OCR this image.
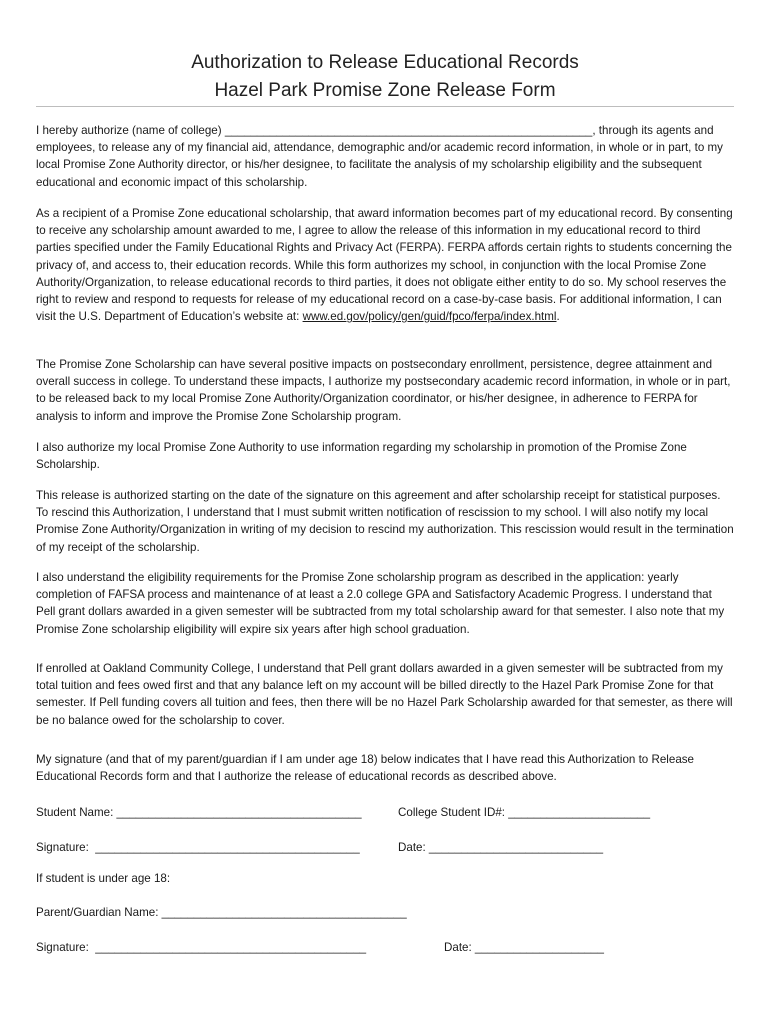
Authorization to Release Educational Records
Hazel Park Promise Zone Release Form

I hereby authorize (name of college) _________________________________________________________, through its agents and employees, to release any of my financial aid, attendance, demographic and/or academic record information, in whole or in part, to my local Promise Zone Authority director, or his/her designee, to facilitate the analysis of my scholarship eligibility and the subsequent educational and economic impact of this scholarship.

As a recipient of a Promise Zone educational scholarship, that award information becomes part of my educational record. By consenting to receive any scholarship amount awarded to me, I agree to allow the release of this information in my educational record to third parties specified under the Family Educational Rights and Privacy Act (FERPA). FERPA affords certain rights to students concerning the privacy of, and access to, their education records. While this form authorizes my school, in conjunction with the local Promise Zone Authority/Organization, to release educational records to third parties, it does not obligate either entity to do so. My school reserves the right to review and respond to requests for release of my educational record on a case-by-case basis. For additional information, I can visit the U.S. Department of Education’s website at: www.ed.gov/policy/gen/guid/fpco/ferpa/index.html.

The Promise Zone Scholarship can have several positive impacts on postsecondary enrollment, persistence, degree attainment and overall success in college. To understand these impacts, I authorize my postsecondary academic record information, in whole or in part, to be released back to my local Promise Zone Authority/Organization coordinator, or his/her designee, in adherence to FERPA for analysis to inform and improve the Promise Zone Scholarship program.

I also authorize my local Promise Zone Authority to use information regarding my scholarship in promotion of the Promise Zone Scholarship.

This release is authorized starting on the date of the signature on this agreement and after scholarship receipt for statistical purposes. To rescind this Authorization, I understand that I must submit written notification of rescission to my school. I will also notify my local Promise Zone Authority/Organization in writing of my decision to rescind my authorization. This rescission would result in the termination of my receipt of the scholarship.

I also understand the eligibility requirements for the Promise Zone scholarship program as described in the application: yearly completion of FAFSA process and maintenance of at least a 2.0 college GPA and Satisfactory Academic Progress. I understand that Pell grant dollars awarded in a given semester will be subtracted from my total scholarship award for that semester. I also note that my Promise Zone scholarship eligibility will expire six years after high school graduation.

If enrolled at Oakland Community College, I understand that Pell grant dollars awarded in a given semester will be subtracted from my total tuition and fees owed first and that any balance left on my account will be billed directly to the Hazel Park Promise Zone for that semester. If Pell funding covers all tuition and fees, then there will be no Hazel Park Scholarship awarded for that semester, as there will be no balance owed for the scholarship to cover.

My signature (and that of my parent/guardian if I am under age 18) below indicates that I have read this Authorization to Release Educational Records form and that I authorize the release of educational records as described above.

Student Name: ______________________________________	College Student ID#: ______________________
Signature:  _________________________________________	Date: ___________________________
If student is under age 18:
Parent/Guardian Name: ______________________________________
Signature:  __________________________________________	Date: ____________________
